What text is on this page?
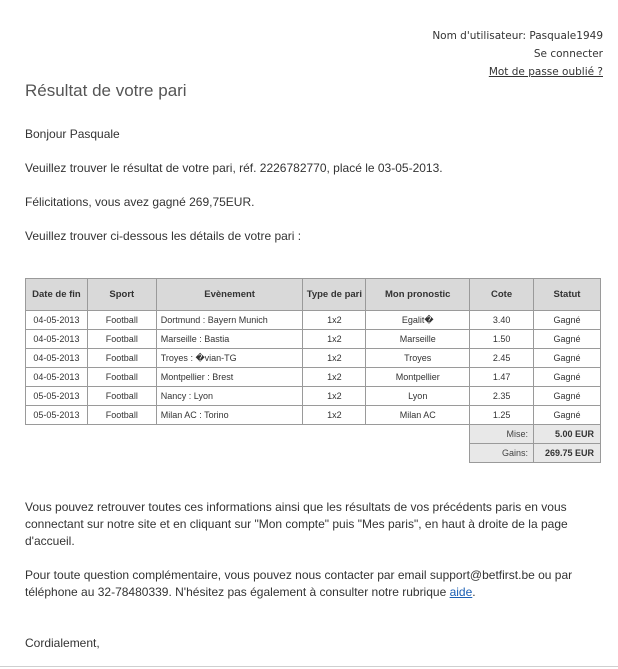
Nom d'utilisateur: Pasquale1949
Se connecter
Mot de passe oublié ?
Résultat de votre pari
Bonjour Pasquale
Veuillez trouver le résultat de votre pari, réf. 2226782770, placé le 03-05-2013.
Félicitations, vous avez gagné 269,75EUR.
Veuillez trouver ci-dessous les détails de votre pari :
Date de fin	Sport	Evènement	Type de pari	Mon pronostic	Cote	Statut
04-05-2013	Football	Dortmund : Bayern Munich	1x2	Egalit�	3.40	Gagné
04-05-2013	Football	Marseille : Bastia	1x2	Marseille	1.50	Gagné
04-05-2013	Football	Troyes : �vian-TG	1x2	Troyes	2.45	Gagné
04-05-2013	Football	Montpellier : Brest	1x2	Montpellier	1.47	Gagné
05-05-2013	Football	Nancy : Lyon	1x2	Lyon	2.35	Gagné
05-05-2013	Football	Milan AC : Torino	1x2	Milan AC	1.25	Gagné
					Mise:	5.00 EUR
					Gains:	269.75 EUR
Vous pouvez retrouver toutes ces informations ainsi que les résultats de vos précédents paris en vous connectant sur notre site et en cliquant sur "Mon compte" puis "Mes paris", en haut à droite de la page d'accueil.
Pour toute question complémentaire, vous pouvez nous contacter par email support@betfirst.be ou par téléphone au 32-78480339. N'hésitez pas également à consulter notre rubrique aide.
Cordialement,
